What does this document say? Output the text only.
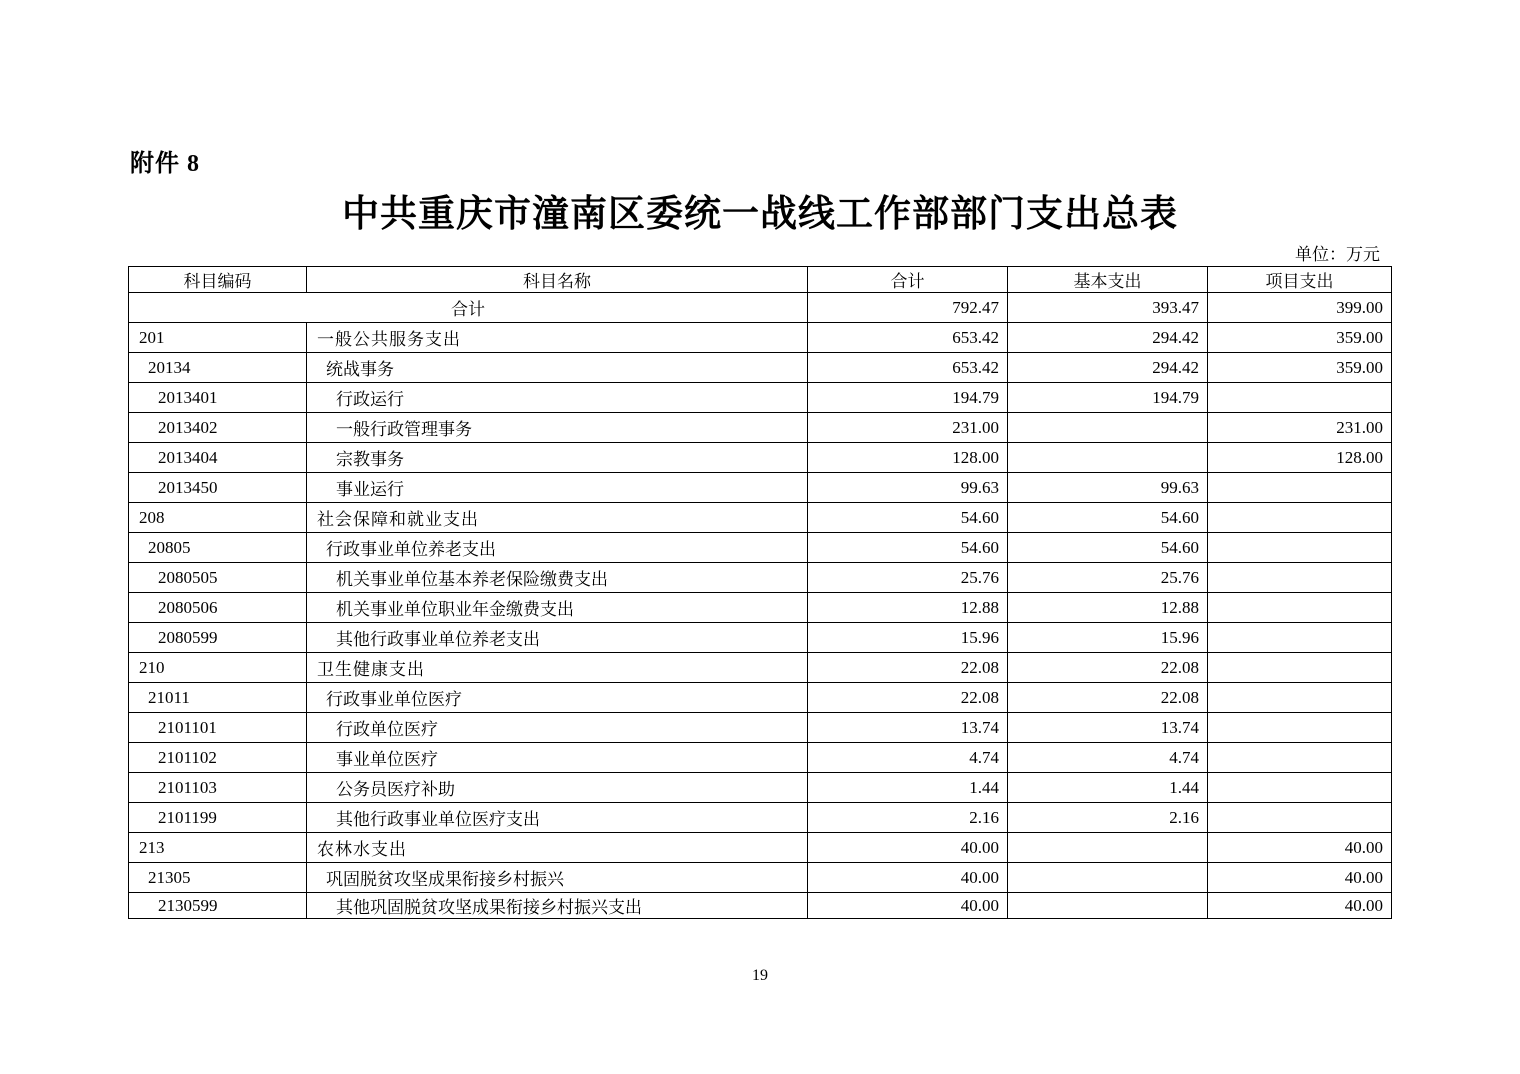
附件 8
中共重庆市潼南区委统一战线工作部部门支出总表
单位：万元
科目编码	科目名称	合计	基本支出	项目支出
合计		792.47	393.47	399.00
201	一般公共服务支出	653.42	294.42	359.00
20134	统战事务	653.42	294.42	359.00
2013401	行政运行	194.79	194.79	
2013402	一般行政管理事务	231.00		231.00
2013404	宗教事务	128.00		128.00
2013450	事业运行	99.63	99.63	
208	社会保障和就业支出	54.60	54.60	
20805	行政事业单位养老支出	54.60	54.60	
2080505	机关事业单位基本养老保险缴费支出	25.76	25.76	
2080506	机关事业单位职业年金缴费支出	12.88	12.88	
2080599	其他行政事业单位养老支出	15.96	15.96	
210	卫生健康支出	22.08	22.08	
21011	行政事业单位医疗	22.08	22.08	
2101101	行政单位医疗	13.74	13.74	
2101102	事业单位医疗	4.74	4.74	
2101103	公务员医疗补助	1.44	1.44	
2101199	其他行政事业单位医疗支出	2.16	2.16	
213	农林水支出	40.00		40.00
21305	巩固脱贫攻坚成果衔接乡村振兴	40.00		40.00
2130599	其他巩固脱贫攻坚成果衔接乡村振兴支出	40.00		40.00
19
